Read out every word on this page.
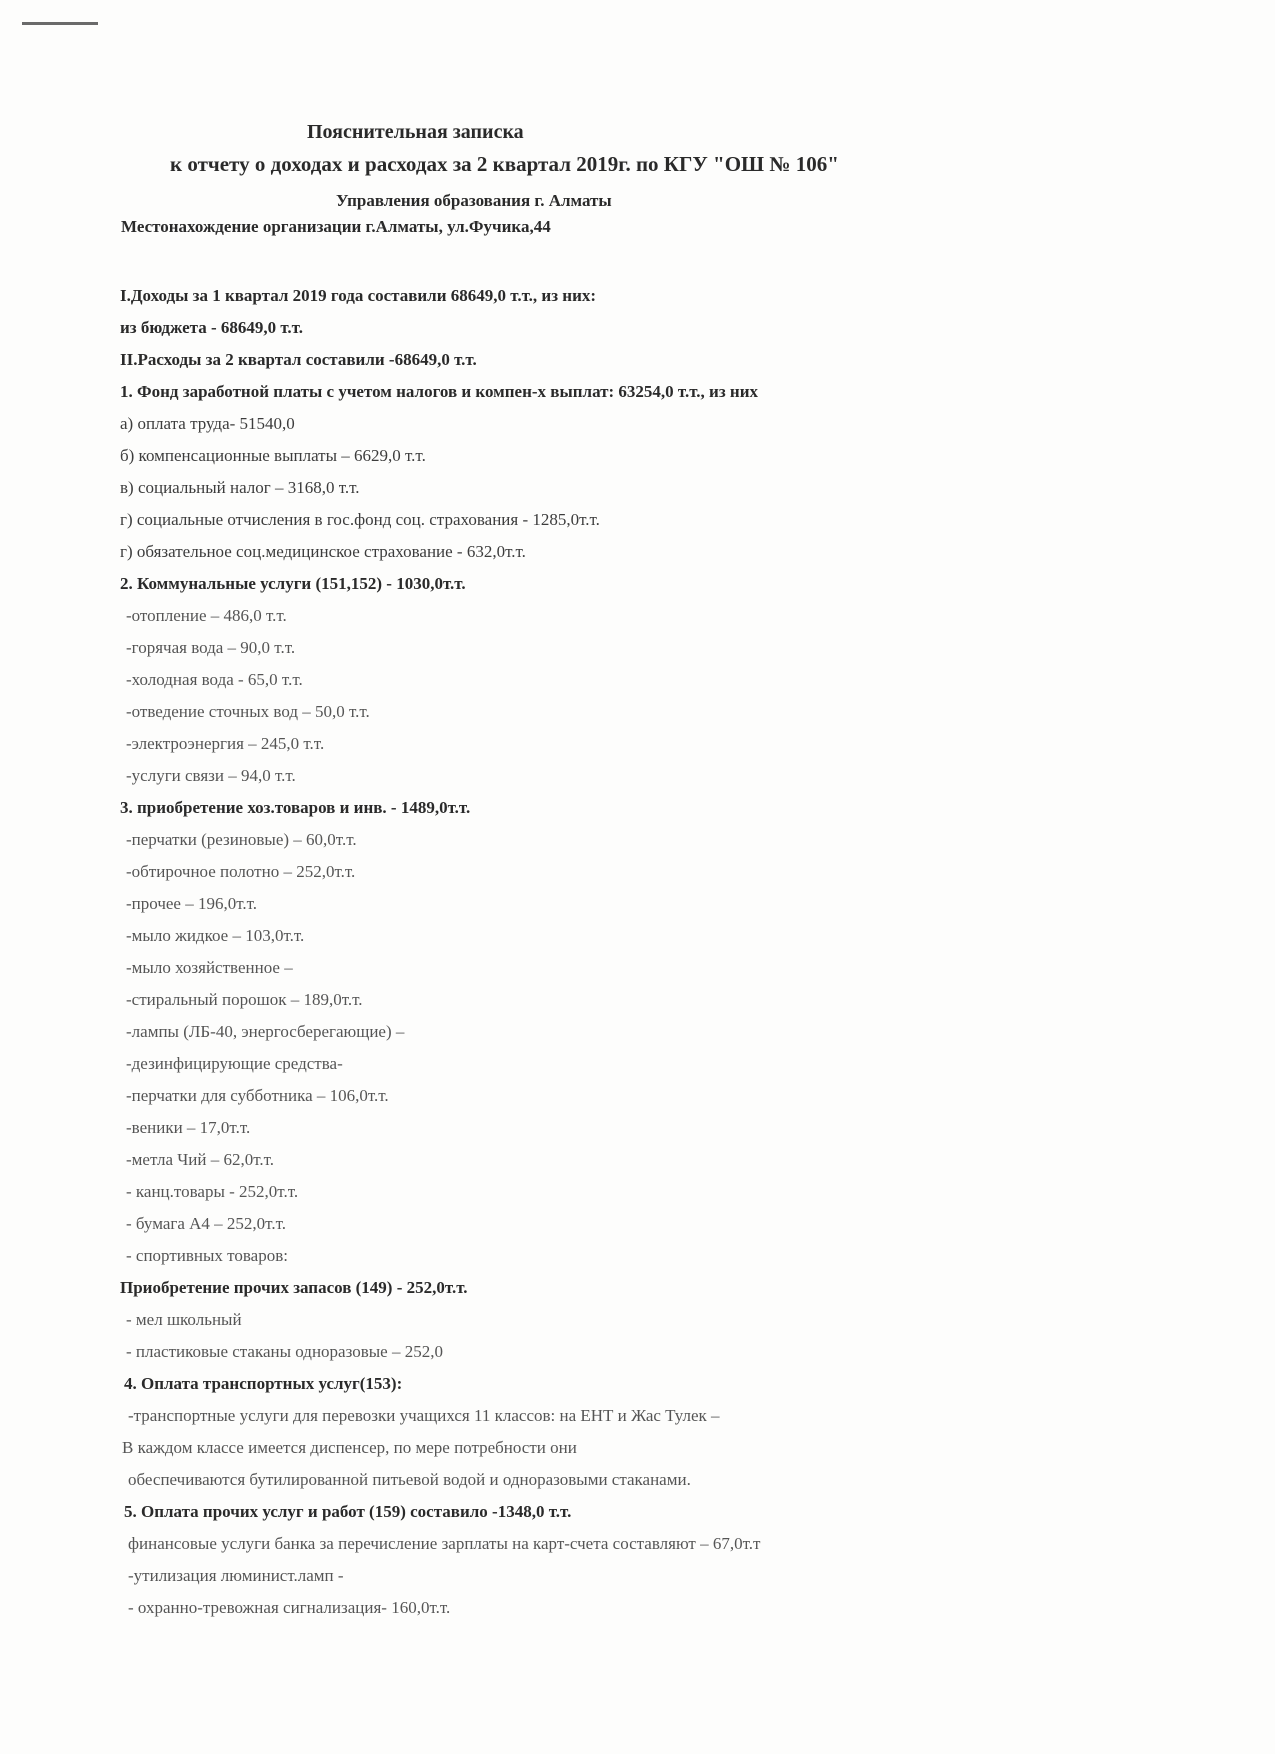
Пояснительная записка
к отчету о доходах и расходах за 2 квартал 2019г. по КГУ "ОШ № 106"
Управления образования г. Алматы
Местонахождение организации г.Алматы, ул.Фучика,44
I.Доходы за 1 квартал 2019 года составили 68649,0 т.т., из них:
из бюджета - 68649,0 т.т.
II.Расходы за 2 квартал составили -68649,0 т.т.
1. Фонд заработной платы с учетом налогов и компен-х выплат: 63254,0 т.т., из них
а) оплата труда- 51540,0
б) компенсационные выплаты – 6629,0 т.т.
в) социальный налог – 3168,0 т.т.
г) социальные отчисления в гос.фонд соц. страхования - 1285,0т.т.
г) обязательное соц.медицинское страхование - 632,0т.т.
2. Коммунальные услуги (151,152) - 1030,0т.т.
-отопление – 486,0 т.т.
-горячая вода – 90,0 т.т.
-холодная вода - 65,0 т.т.
-отведение сточных вод – 50,0 т.т.
-электроэнергия – 245,0 т.т.
-услуги связи – 94,0 т.т.
3. приобретение хоз.товаров и инв. - 1489,0т.т.
-перчатки (резиновые) – 60,0т.т.
-обтирочное полотно – 252,0т.т.
-прочее – 196,0т.т.
-мыло жидкое – 103,0т.т.
-мыло хозяйственное –
-стиральный порошок – 189,0т.т.
-лампы (ЛБ-40, энергосберегающие) –
-дезинфицирующие средства-
-перчатки для субботника – 106,0т.т.
-веники – 17,0т.т.
-метла Чий – 62,0т.т.
- канц.товары - 252,0т.т.
- бумага А4 – 252,0т.т.
- спортивных товаров:
Приобретение прочих запасов (149) - 252,0т.т.
- мел школьный
- пластиковые стаканы одноразовые – 252,0
4. Оплата транспортных услуг(153):
-транспортные услуги для перевозки учащихся 11 классов: на ЕНТ и Жас Тулек –
В каждом классе имеется диспенсер, по мере потребности они
обеспечиваются бутилированной питьевой водой и одноразовыми стаканами.
5. Оплата прочих услуг и работ (159) составило -1348,0 т.т.
финансовые услуги банка за перечисление зарплаты на карт-счета составляют – 67,0т.т
-утилизация люминист.ламп -
- охранно-тревожная сигнализация- 160,0т.т.
